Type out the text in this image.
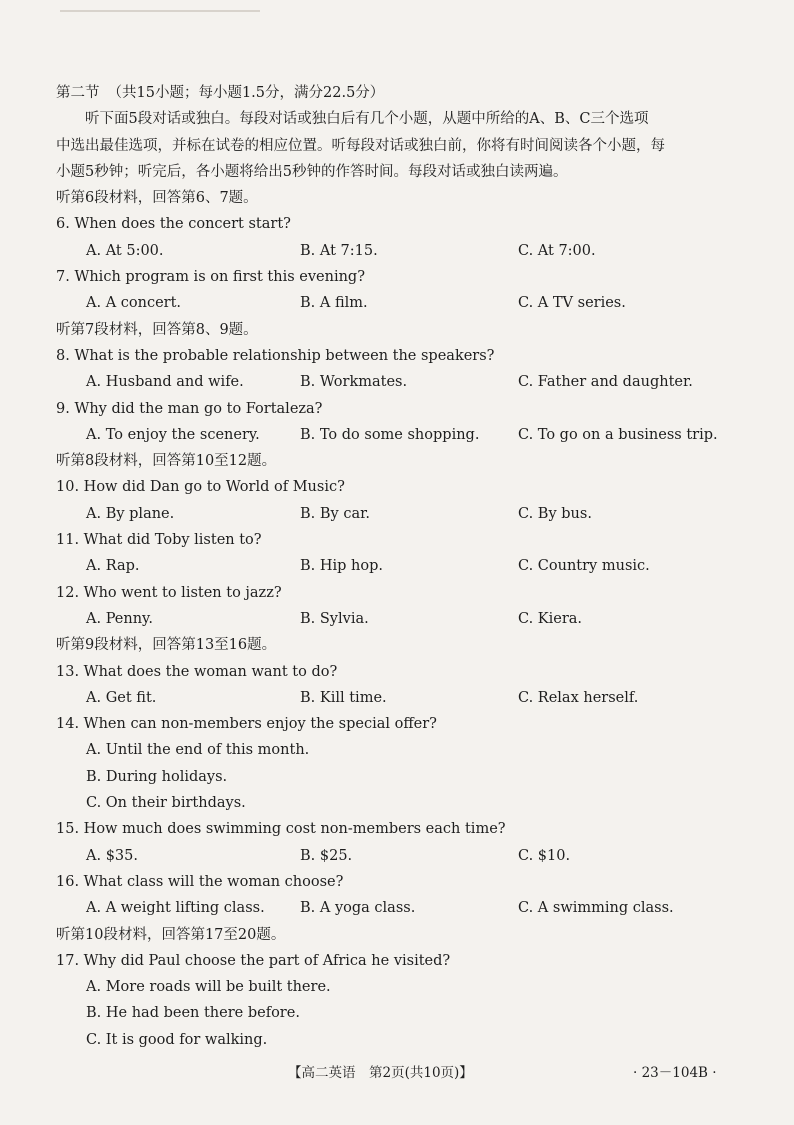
第二节 （共15小题；每小题1.5分，满分22.5分）
听下面5段对话或独白。每段对话或独白后有几个小题，从题中所给的A、B、C三个选项
中选出最佳选项，并标在试卷的相应位置。听每段对话或独白前，你将有时间阅读各个小题，每
小题5秒钟；听完后，各小题将给出5秒钟的作答时间。每段对话或独白读两遍。
听第6段材料，回答第6、7题。
6. When does the concert start?
A. At 5:00.	B. At 7:15.	C. At 7:00.
7. Which program is on first this evening?
A. A concert.	B. A film.	C. A TV series.
听第7段材料，回答第8、9题。
8. What is the probable relationship between the speakers?
A. Husband and wife.	B. Workmates.	C. Father and daughter.
9. Why did the man go to Fortaleza?
A. To enjoy the scenery.	B. To do some shopping.	C. To go on a business trip.
听第8段材料，回答第10至12题。
10. How did Dan go to World of Music?
A. By plane.	B. By car.	C. By bus.
11. What did Toby listen to?
A. Rap.	B. Hip hop.	C. Country music.
12. Who went to listen to jazz?
A. Penny.	B. Sylvia.	C. Kiera.
听第9段材料，回答第13至16题。
13. What does the woman want to do?
A. Get fit.	B. Kill time.	C. Relax herself.
14. When can non-members enjoy the special offer?
A. Until the end of this month.
B. During holidays.
C. On their birthdays.
15. How much does swimming cost non-members each time?
A. $35.	B. $25.	C. $10.
16. What class will the woman choose?
A. A weight lifting class.	B. A yoga class.	C. A swimming class.
听第10段材料，回答第17至20题。
17. Why did Paul choose the part of Africa he visited?
A. More roads will be built there.
B. He had been there before.
C. It is good for walking.
【高二英语　第2页(共10页)】	· 23－104B ·
